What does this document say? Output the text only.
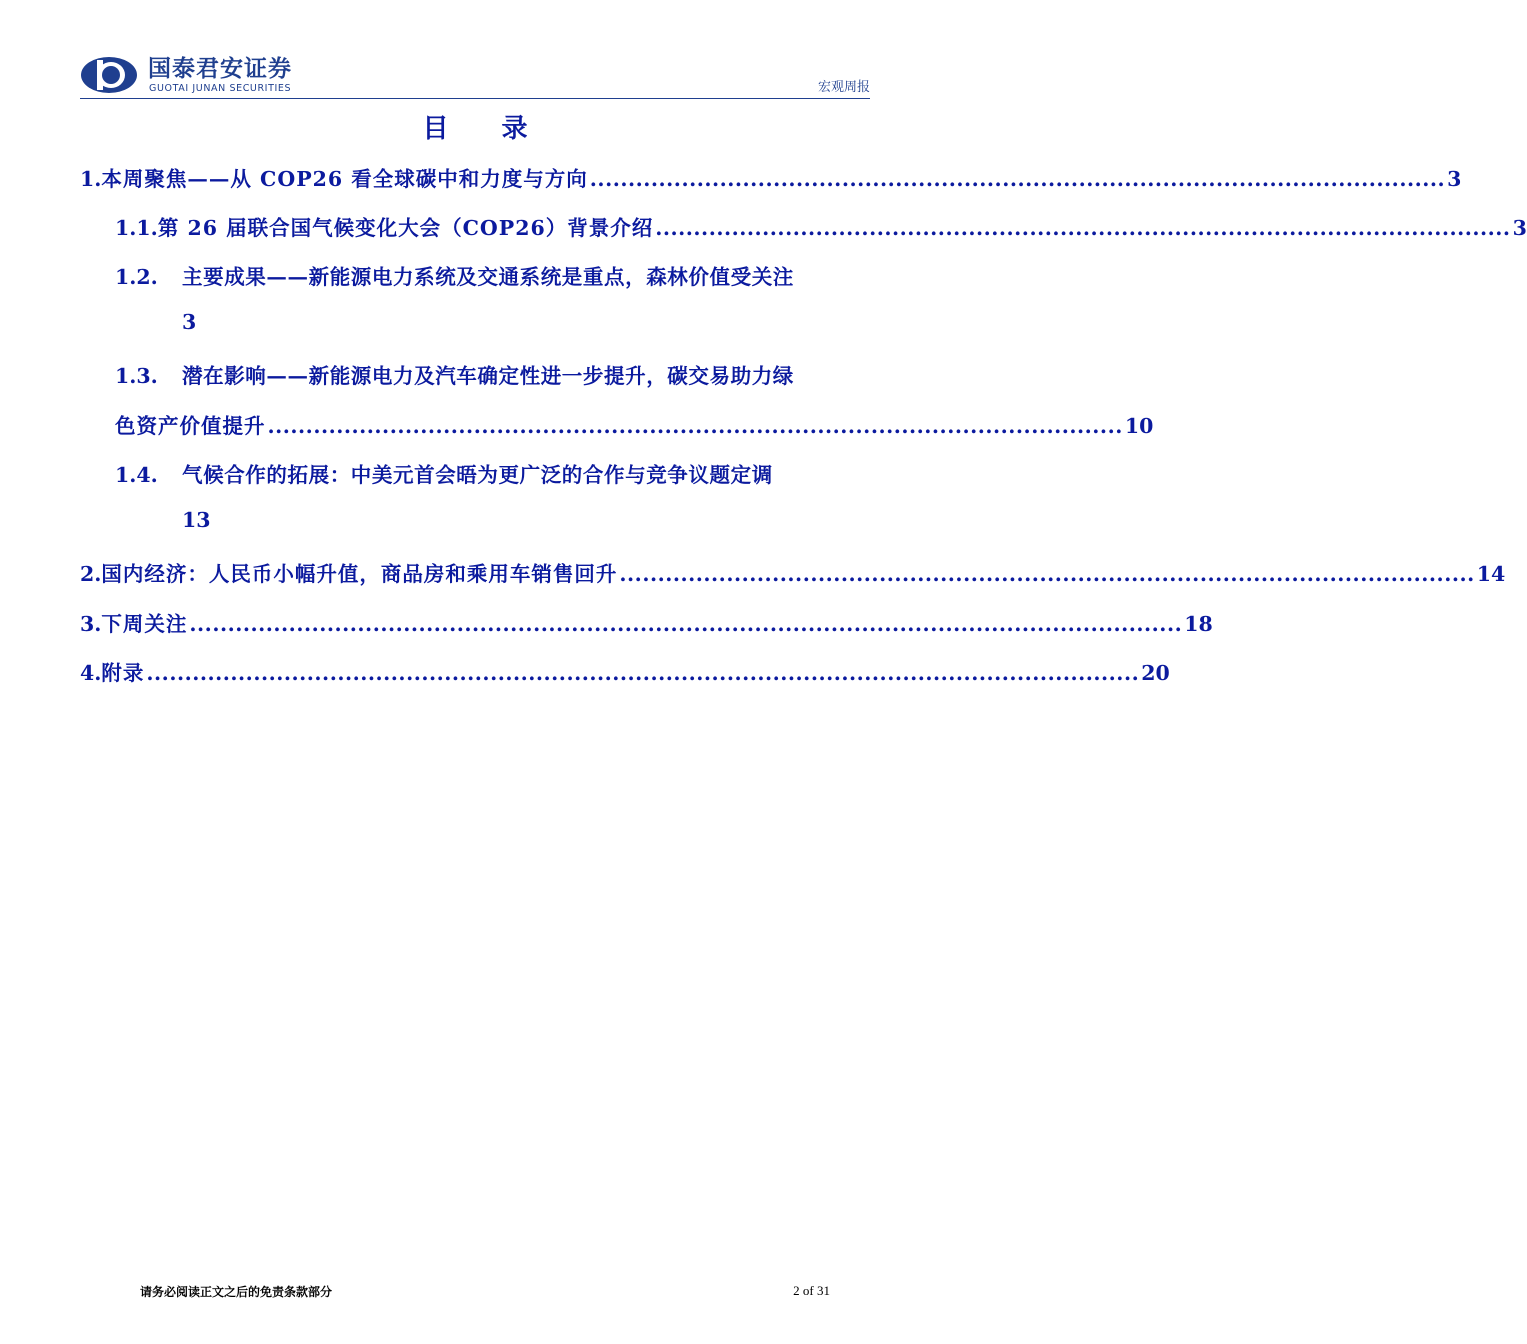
国泰君安证券
GUOTAI JUNAN SECURITIES	宏观周报
目 录
1. 本周聚焦——从 COP26 看全球碳中和力度与方向 ................................................................................................................ 3
1.1. 第 26 届联合国气候变化大会（COP26）背景介绍 ................................................................................................................ 3
1.2.	主要成果——新能源电力系统及交通系统是重点，森林价值受关注
3
1.3.	潜在影响——新能源电力及汽车确定性进一步提升，碳交易助力绿
色资产价值提升 ................................................................................................................ 10
1.4.	气候合作的拓展：中美元首会晤为更广泛的合作与竞争议题定调
13
2. 国内经济：人民币小幅升值，商品房和乘用车销售回升 ................................................................................................................ 14
3. 下周关注 .................................................................................................................................. 18
4. 附录 .................................................................................................................................. 20
请务必阅读正文之后的免责条款部分	2 of 31
